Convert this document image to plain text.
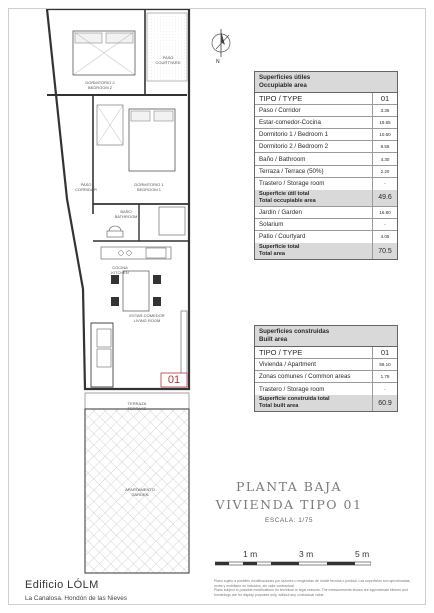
DORMITORIO 2
BEDROOM 2
PASO
COURTYARD
PASO
CORRIDOR
DORMITORIO 1
BEDROOM 1
BAÑO
BATHROOM
COCINA
KITCHEN
ESTAR-COMEDOR
LIVING ROOM
TERRAZA
TERRACE
APARTAMENTO
GARDEN
01
N
Superficies útiles
Occupiable area
TIPO / TYPE	01
Paso / Corridor	3.35
Estar-comedor-Cocina	19.65
Dormitorio 1 / Bedroom 1	10.60
Dormitorio 2 / Bedroom 2	9.55
Baño / Bathroom	4.30
Terraza / Terrace (50%)	2.20
Trastero / Storage room	-
Superficie útil total
Total occupiable area	49.6
Jardín / Garden	16.80
Solarium	-
Patio / Courtyard	4.05
Superficie total
Total area	70.5
Superficies construidas
Built area
TIPO / TYPE	01
Vivienda / Apartment	59.10
Zonas comunes / Common areas	1.79
Trastero / Storage room	-
Superficie construida total
Total built area	60.9
PLANTA BAJA
VIVIENDA TIPO 01
ESCALA: 1/75
1 m	3 m	5 m
Edificio LÓLM
La Canalosa. Hondón de las Nieves
Plano sujeto a posibles modificaciones por razones o exigencias de índole técnica o jurídica. Las superficies son aproximadas, ocres y mobiliario no incluidos, sin valor contractual.
Plans subject to possible modifications for technical or legal reasons. The measurements shown are approximate kitchen and furnishings are for display purposes only, without any contractual value.
